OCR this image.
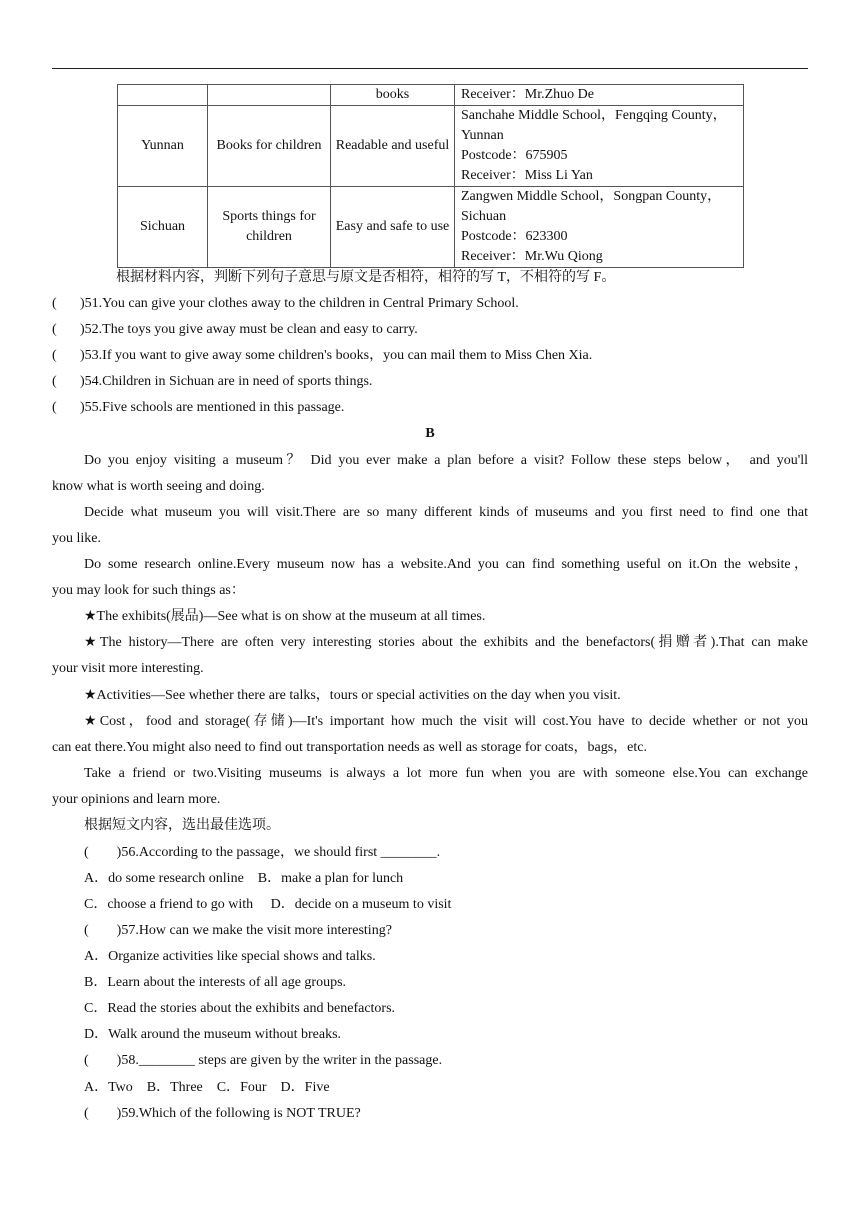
		books	Receiver：Mr.Zhuo De
Yunnan	Books for children	Readable and useful	Sanchahe Middle School，Fengqing County，Yunnan
Postcode：675905
Receiver：Miss Li Yan

Sichuan	Sports things for children	Easy and safe to use	Zangwen Middle School，Songpan County，Sichuan
Postcode：623300
Receiver：Mr.Wu Qiong
根据材料内容，判断下列句子意思与原文是否相符，相符的写 T，不相符的写 F。
( )51.You can give your clothes away to the children in Central Primary School.
( )52.The toys you give away must be clean and easy to carry.
( )53.If you want to give away some children's books，you can mail them to Miss Chen Xia.
( )54.Children in Sichuan are in need of sports things.
( )55.Five schools are mentioned in this passage.
B
Do you enjoy visiting a museum？ Did you ever make a plan before a visit? Follow these steps below， and you'll
know what is worth seeing and doing.
Decide what museum you will visit.There are so many different kinds of museums and you first need to find one that
you like.
Do some research online.Every museum now has a website.And you can find something useful on it.On the website，
you may look for such things as：
★The exhibits(展品)—See what is on show at the museum at all times.
★The history—There are often very interesting stories about the exhibits and the benefactors(捐赠者).That can make
your visit more interesting.
★Activities—See whether there are talks，tours or special activities on the day when you visit.
★Cost，food and storage(存储)—It's important how much the visit will cost.You have to decide whether or not you
can eat there.You might also need to find out transportation needs as well as storage for coats，bags，etc.
Take a friend or two.Visiting museums is always a lot more fun when you are with someone else.You can exchange
your opinions and learn more.
根据短文内容，选出最佳选项。
(        )56.According to the passage，we should first ________.
A．do some research online    B．make a plan for lunch
C．choose a friend to go with     D．decide on a museum to visit
(        )57.How can we make the visit more interesting?
A．Organize activities like special shows and talks.
B．Learn about the interests of all age groups.
C．Read the stories about the exhibits and benefactors.
D．Walk around the museum without breaks.
(        )58.________ steps are given by the writer in the passage.
A．Two    B．Three    C．Four    D．Five
(        )59.Which of the following is NOT TRUE?
